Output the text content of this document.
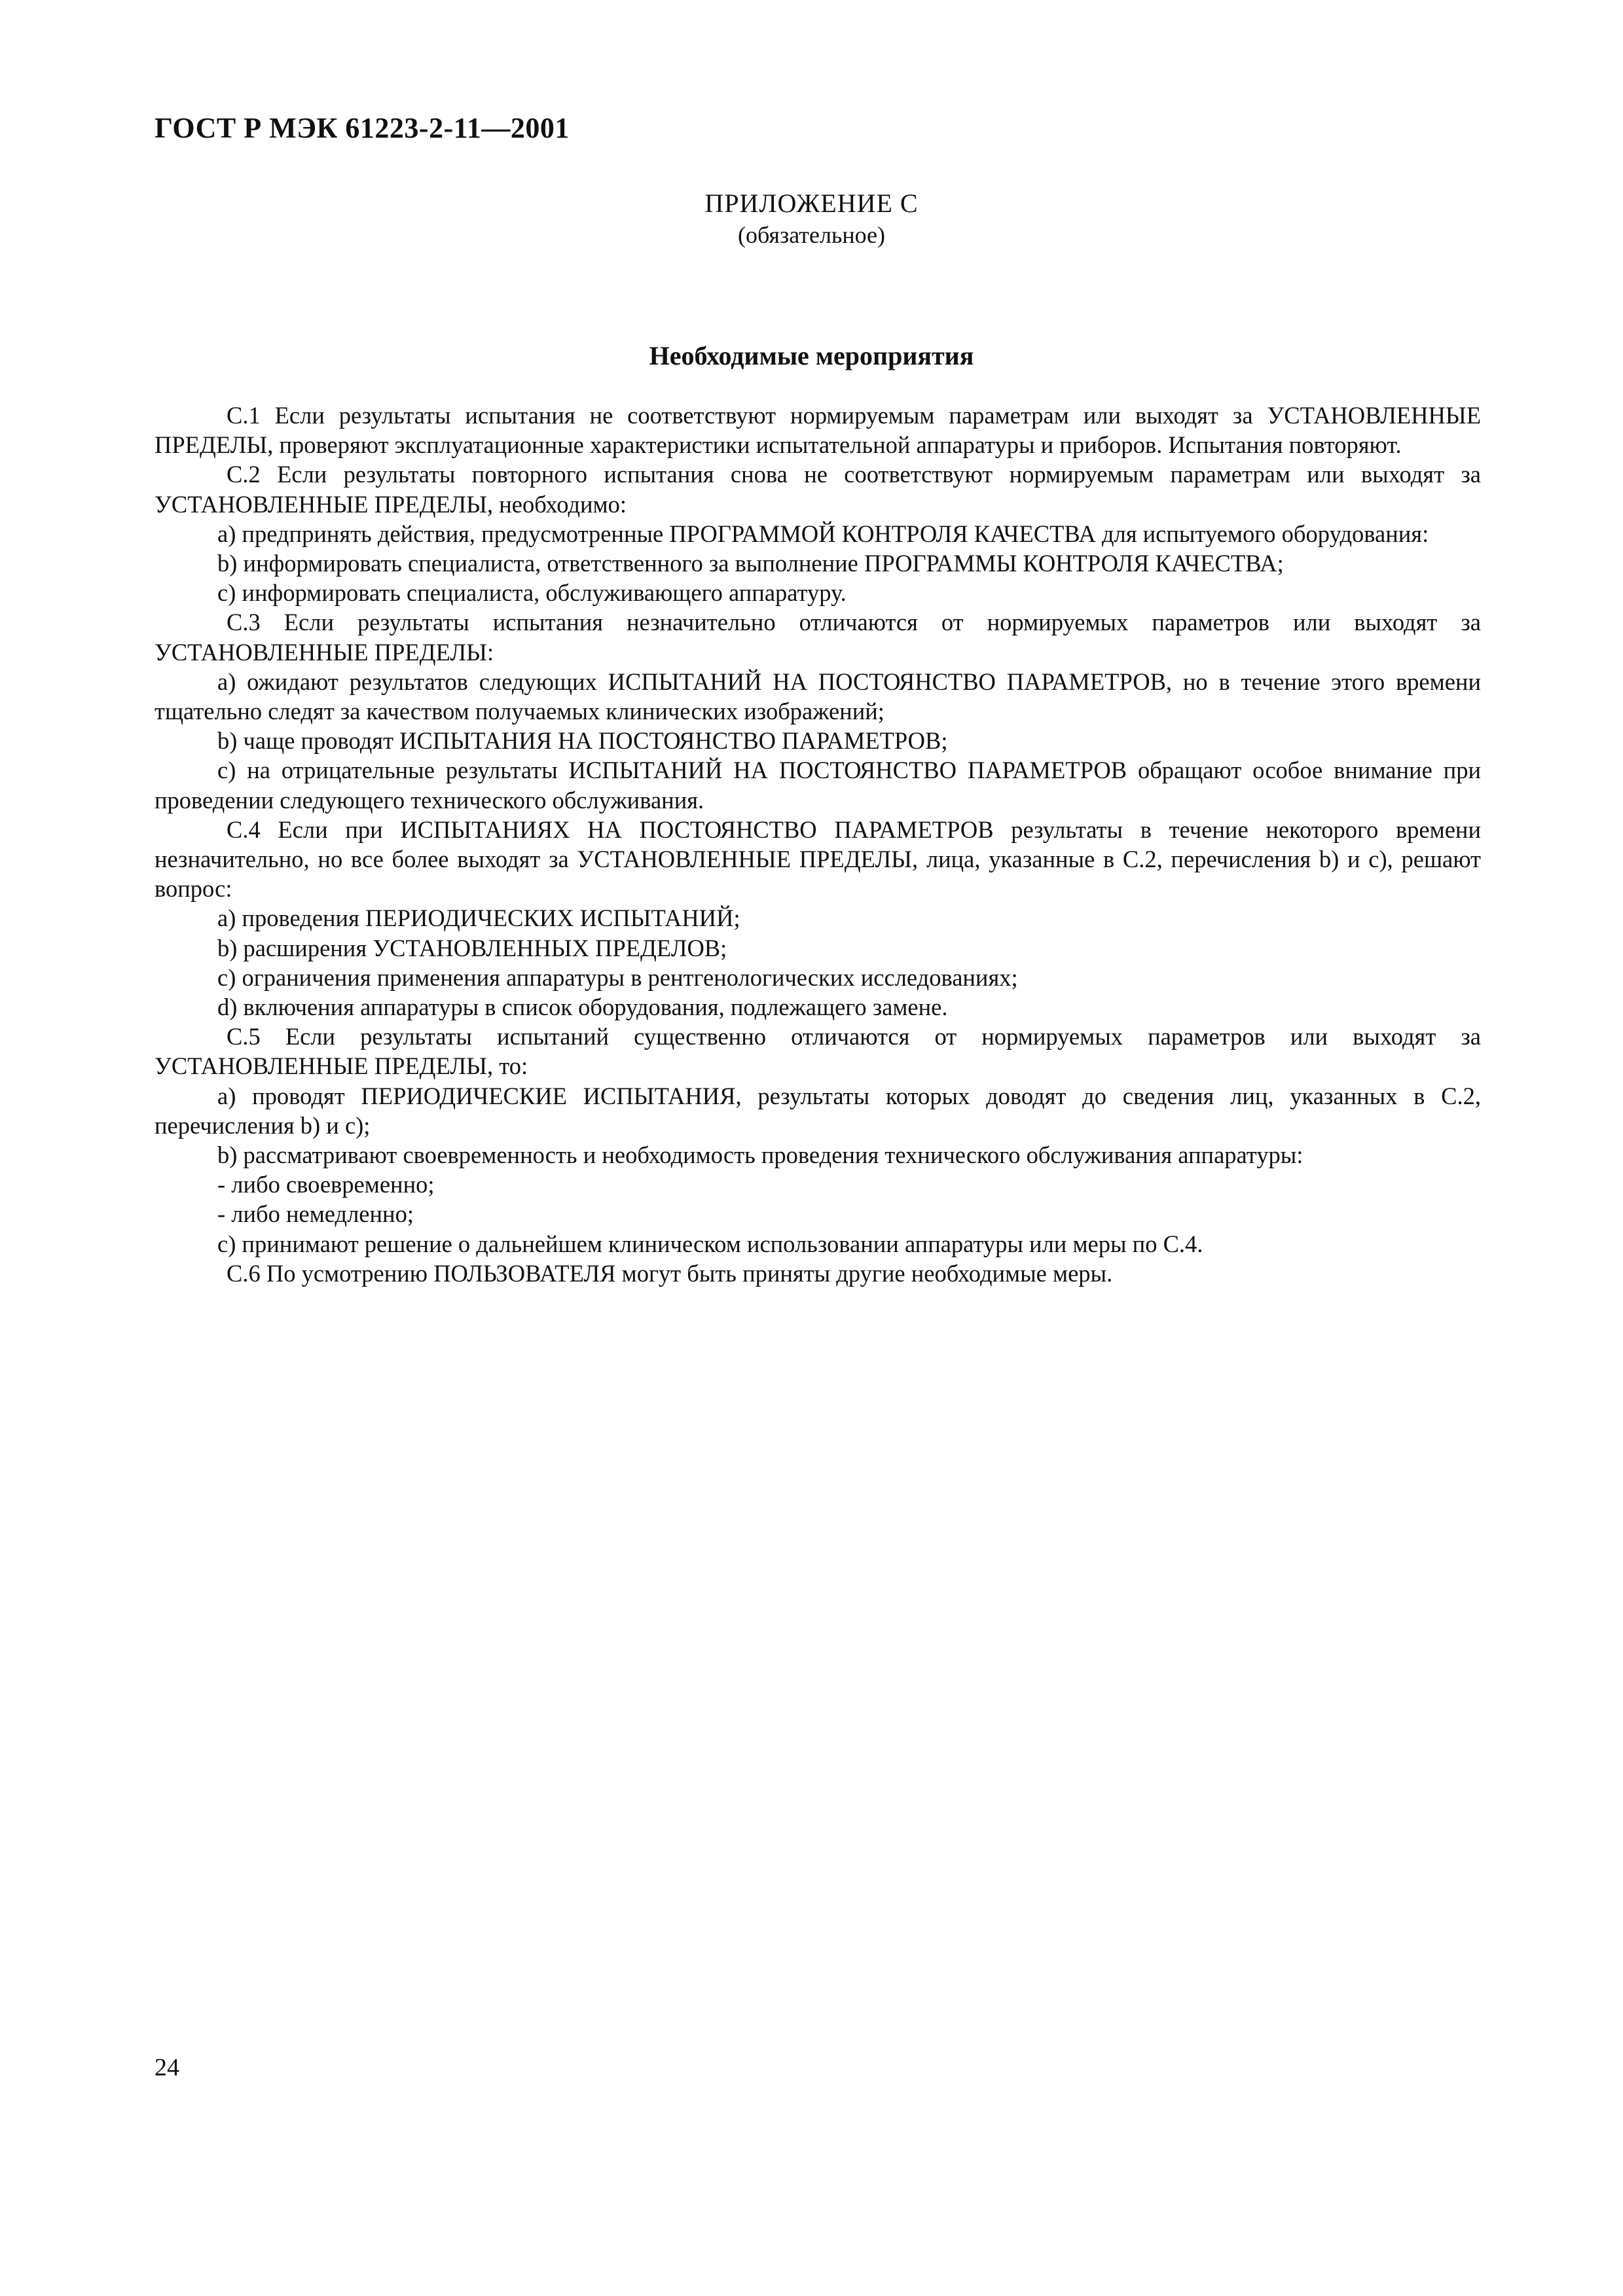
ГОСТ Р МЭК 61223-2-11—2001
ПРИЛОЖЕНИЕ С
(обязательное)
Необходимые мероприятия

С.1 Если результаты испытания не соответствуют нормируемым параметрам или выходят за УСТАНОВЛЕННЫЕ ПРЕДЕЛЫ, проверяют эксплуатационные характеристики испытательной аппаратуры и приборов. Испытания повторяют.

С.2 Если результаты повторного испытания снова не соответствуют нормируемым параметрам или выходят за УСТАНОВЛЕННЫЕ ПРЕДЕЛЫ, необходимо:

a) предпринять действия, предусмотренные ПРОГРАММОЙ КОНТРОЛЯ КАЧЕСТВА для испытуемого оборудования:

b) информировать специалиста, ответственного за выполнение ПРОГРАММЫ КОНТРОЛЯ КАЧЕСТВА;

c) информировать специалиста, обслуживающего аппаратуру.

С.3 Если результаты испытания незначительно отличаются от нормируемых параметров или выходят за УСТАНОВЛЕННЫЕ ПРЕДЕЛЫ:

a) ожидают результатов следующих ИСПЫТАНИЙ НА ПОСТОЯНСТВО ПАРАМЕТРОВ, но в течение этого времени тщательно следят за качеством получаемых клинических изображений;

b) чаще проводят ИСПЫТАНИЯ НА ПОСТОЯНСТВО ПАРАМЕТРОВ;

c) на отрицательные результаты ИСПЫТАНИЙ НА ПОСТОЯНСТВО ПАРАМЕТРОВ обращают особое внимание при проведении следующего технического обслуживания.

С.4 Если при ИСПЫТАНИЯХ НА ПОСТОЯНСТВО ПАРАМЕТРОВ результаты в течение некоторого времени незначительно, но все более выходят за УСТАНОВЛЕННЫЕ ПРЕДЕЛЫ, лица, указанные в С.2, перечисления b) и c), решают вопрос:

a) проведения ПЕРИОДИЧЕСКИХ ИСПЫТАНИЙ;

b) расширения УСТАНОВЛЕННЫХ ПРЕДЕЛОВ;

c) ограничения применения аппаратуры в рентгенологических исследованиях;

d) включения аппаратуры в список оборудования, подлежащего замене.

С.5 Если результаты испытаний существенно отличаются от нормируемых параметров или выходят за УСТАНОВЛЕННЫЕ ПРЕДЕЛЫ, то:

a) проводят ПЕРИОДИЧЕСКИЕ ИСПЫТАНИЯ, результаты которых доводят до сведения лиц, указанных в С.2, перечисления b) и c);

b) рассматривают своевременность и необходимость проведения технического обслуживания аппаратуры:

- либо своевременно;

- либо немедленно;

c) принимают решение о дальнейшем клиническом использовании аппаратуры или меры по С.4.

С.6 По усмотрению ПОЛЬЗОВАТЕЛЯ могут быть приняты другие необходимые меры.

24
